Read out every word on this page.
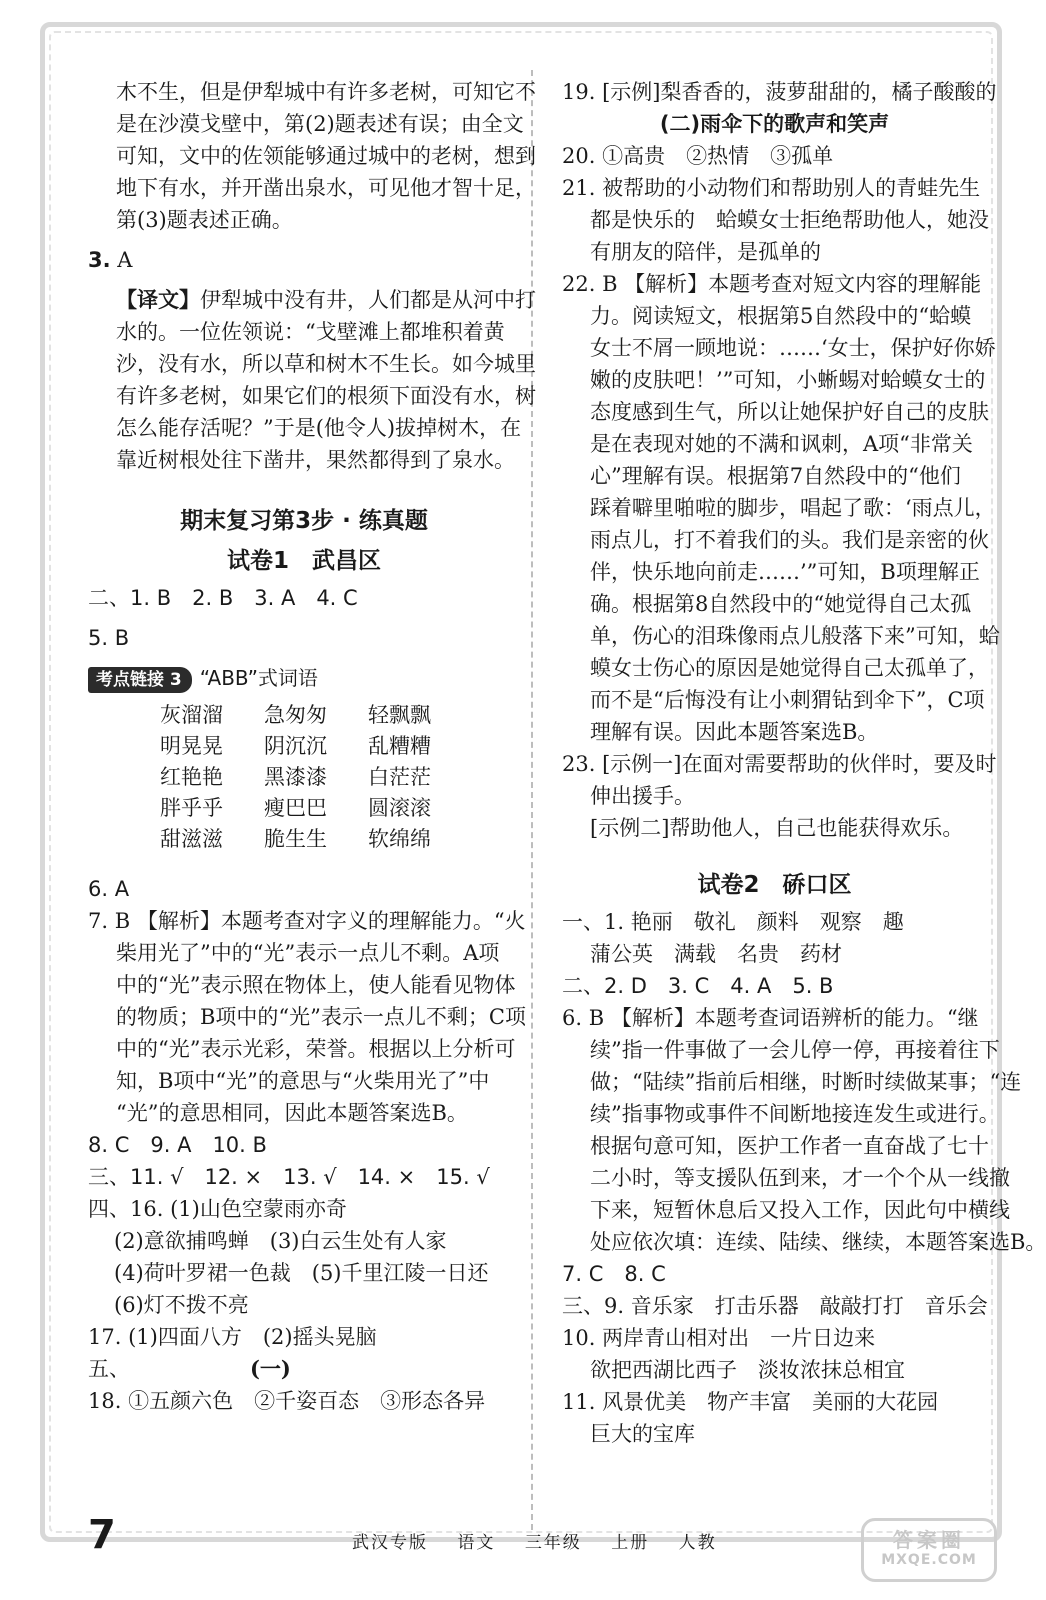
木不生，但是伊犁城中有许多老树，可知它不

是在沙漠戈壁中，第(2)题表述有误；由全文

可知，文中的佐领能够通过城中的老树，想到

地下有水，并开凿出泉水，可见他才智十足，

第(3)题表述正确。

3. A

【译文】伊犁城中没有井，人们都是从河中打

水的。一位佐领说：“戈壁滩上都堆积着黄

沙，没有水，所以草和树木不生长。如今城里

有许多老树，如果它们的根须下面没有水，树

怎么能存活呢？”于是(他令人)拔掉树木，在

靠近树根处往下凿井，果然都得到了泉水。

期末复习第3步 · 练真题
试卷1　武昌区

二、1. B　2. B　3. A　4. C

5. B

考点链接 3 “ABB”式词语

灰溜溜	急匆匆	轻飘飘
明晃晃	阴沉沉	乱糟糟
红艳艳	黑漆漆	白茫茫
胖乎乎	瘦巴巴	圆滚滚
甜滋滋	脆生生	软绵绵

6. A

7. B 【解析】本题考查对字义的理解能力。“火

柴用光了”中的“光”表示一点儿不剩。A项

中的“光”表示照在物体上，使人能看见物体

的物质；B项中的“光”表示一点儿不剩；C项

中的“光”表示光彩，荣誉。根据以上分析可

知，B项中“光”的意思与“火柴用光了”中

“光”的意思相同，因此本题答案选B。

8. C　9. A　10. B

三、11. √　12. ×　13. √　14. ×　15. √

四、16. (1)山色空蒙雨亦奇

(2)意欲捕鸣蝉　(3)白云生处有人家

(4)荷叶罗裙一色裁　(5)千里江陵一日还

(6)灯不拨不亮

17. (1)四面八方　(2)摇头晃脑

五、	(一)

18. ①五颜六色　②千姿百态　③形态各异

19. [示例]梨香香的，菠萝甜甜的，橘子酸酸的

(二)雨伞下的歌声和笑声

20. ①高贵　②热情　③孤单

21. 被帮助的小动物们和帮助别人的青蛙先生

都是快乐的　蛤蟆女士拒绝帮助他人，她没

有朋友的陪伴，是孤单的

22. B 【解析】本题考查对短文内容的理解能

力。阅读短文，根据第5自然段中的“蛤蟆

女士不屑一顾地说：……‘女士，保护好你娇

嫩的皮肤吧！’”可知，小蜥蜴对蛤蟆女士的

态度感到生气，所以让她保护好自己的皮肤

是在表现对她的不满和讽刺，A项“非常关

心”理解有误。根据第7自然段中的“他们

踩着噼里啪啦的脚步，唱起了歌：‘雨点儿，

雨点儿，打不着我们的头。我们是亲密的伙

伴，快乐地向前走……’”可知，B项理解正

确。根据第8自然段中的“她觉得自己太孤

单，伤心的泪珠像雨点儿般落下来”可知，蛤

蟆女士伤心的原因是她觉得自己太孤单了，

而不是“后悔没有让小刺猬钻到伞下”，C项

理解有误。因此本题答案选B。

23. [示例一]在面对需要帮助的伙伴时，要及时

伸出援手。

[示例二]帮助他人，自己也能获得欢乐。

试卷2　硚口区

一、1. 艳丽　敬礼　颜料　观察　趣

蒲公英　满载　名贵　药材

二、2. D　3. C　4. A　5. B

6. B 【解析】本题考查词语辨析的能力。“继

续”指一件事做了一会儿停一停，再接着往下

做；“陆续”指前后相继，时断时续做某事；“连

续”指事物或事件不间断地接连发生或进行。

根据句意可知，医护工作者一直奋战了七十

二小时，等支援队伍到来，才一个个从一线撤

下来，短暂休息后又投入工作，因此句中横线

处应依次填：连续、陆续、继续，本题答案选B。

7. C　8. C

三、9. 音乐家　打击乐器　敲敲打打　音乐会

10. 两岸青山相对出　一片日边来

欲把西湖比西子　淡妆浓抹总相宜

11. 风景优美　物产丰富　美丽的大花园

巨大的宝库

7	武汉专版 语文 三年级 上册 人教	答案圈
MXQE.COM
